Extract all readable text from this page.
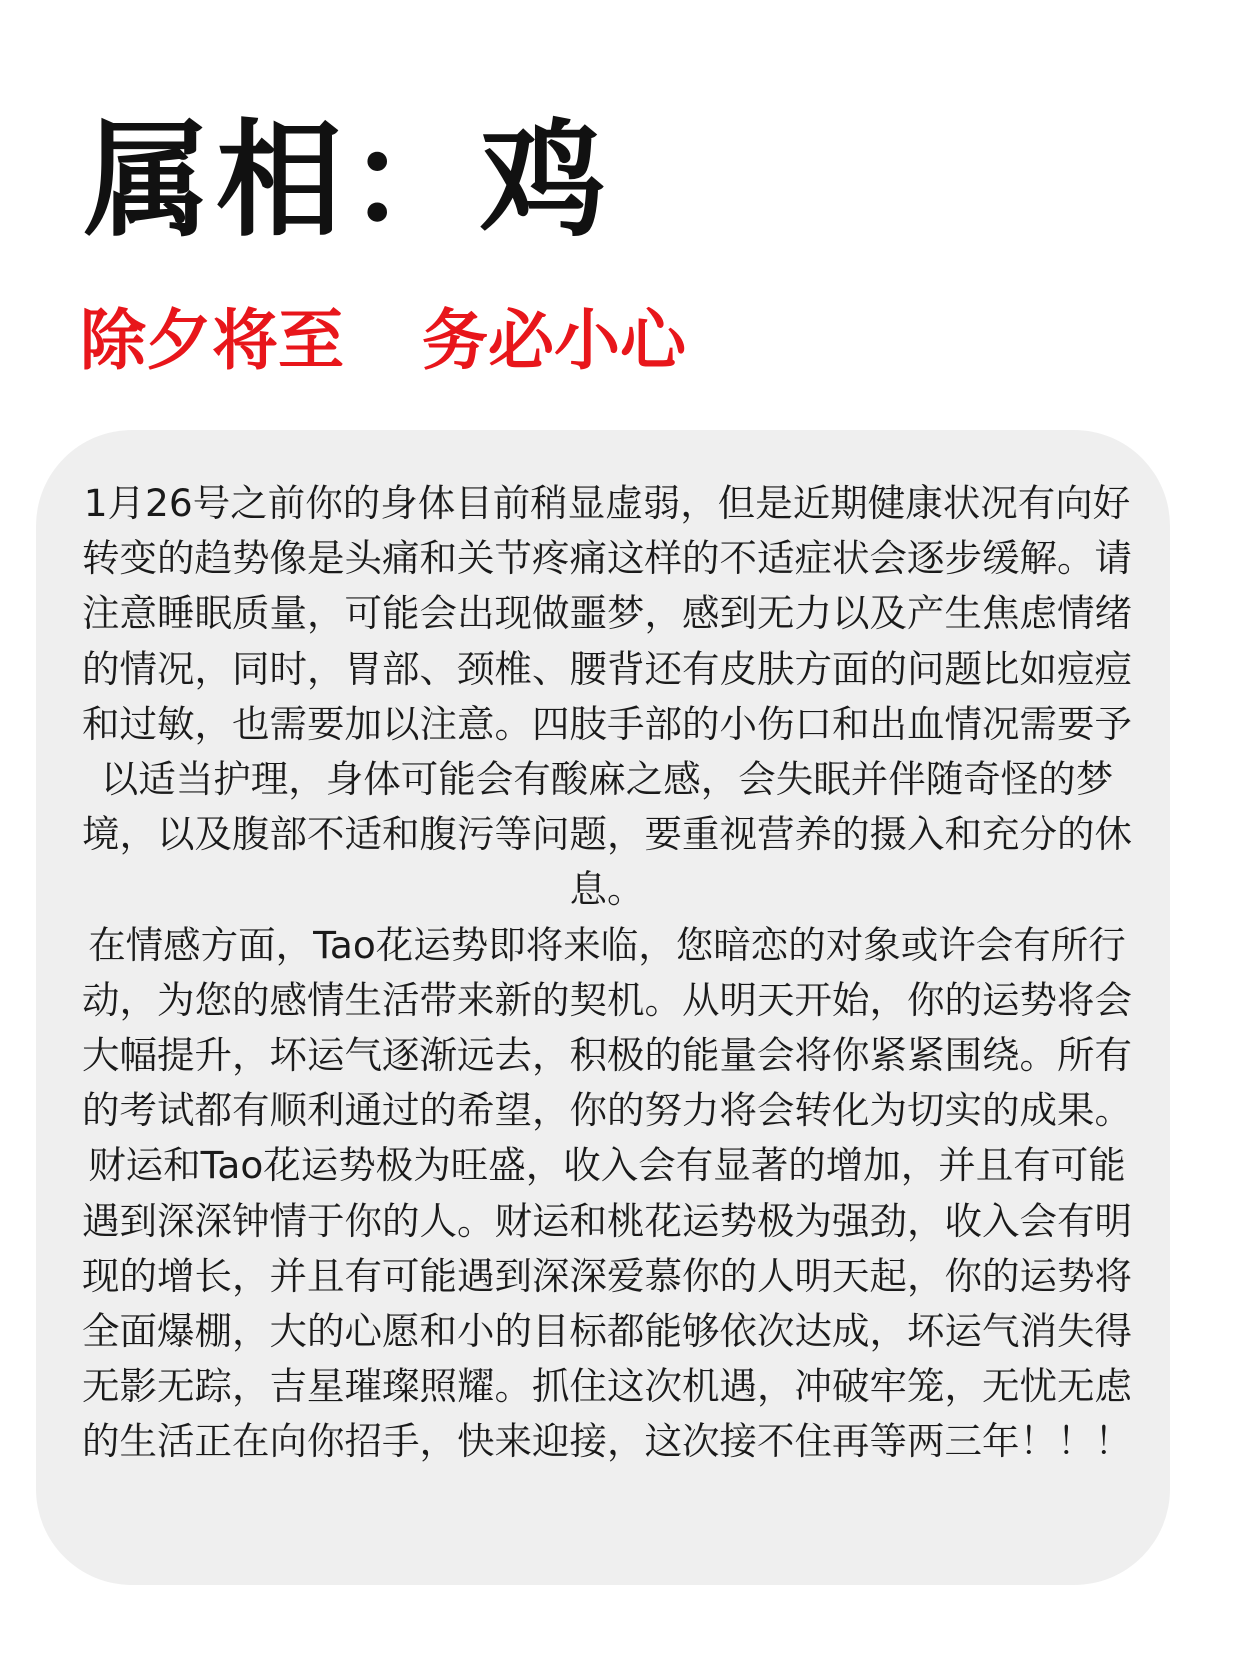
属相：鸡
除夕将至 务必小心

1月26号之前你的身体目前稍显虚弱，但是近期健康状况有向好转变的趋势像是头痛和关节疼痛这样的不适症状会逐步缓解。请注意睡眠质量，可能会出现做噩梦，感到无力以及产生焦虑情绪的情况，同时，胃部、颈椎、腰背还有皮肤方面的问题比如痘痘和过敏，也需要加以注意。四肢手部的小伤口和出血情况需要予以适当护理，身体可能会有酸麻之感，会失眠并伴随奇怪的梦境，以及腹部不适和腹污等问题，要重视营养的摄入和充分的休息。

在情感方面，Tao花运势即将来临，您暗恋的对象或许会有所行动，为您的感情生活带来新的契机。从明天开始，你的运势将会大幅提升，坏运气逐渐远去，积极的能量会将你紧紧围绕。所有的考试都有顺利通过的希望，你的努力将会转化为切实的成果。财运和Tao花运势极为旺盛，收入会有显著的增加，并且有可能遇到深深钟情于你的人。财运和桃花运势极为强劲，收入会有明现的增长，并且有可能遇到深深爱慕你的人明天起，你的运势将全面爆棚，大的心愿和小的目标都能够依次达成，坏运气消失得无影无踪，吉星璀璨照耀。抓住这次机遇，冲破牢笼，无忧无虑的生活正在向你招手，快来迎接，这次接不住再等两三年！！！
